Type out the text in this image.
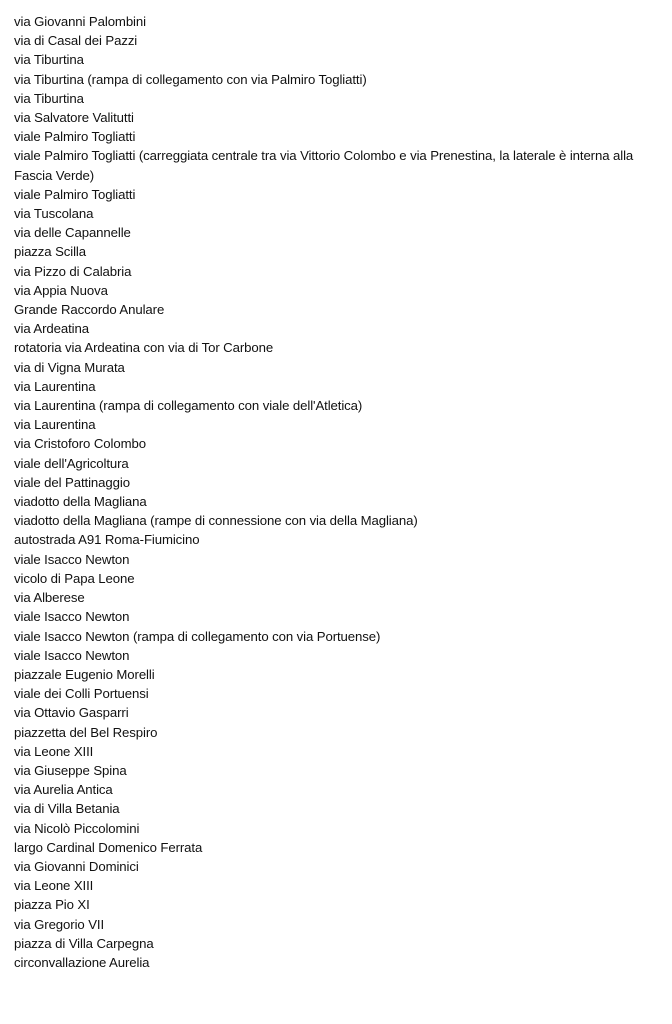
via Giovanni Palombini
via di Casal dei Pazzi
via Tiburtina
via Tiburtina (rampa di collegamento con via Palmiro Togliatti)
via Tiburtina
via Salvatore Valitutti
viale Palmiro Togliatti
viale Palmiro Togliatti (carreggiata centrale tra via Vittorio Colombo e via Prenestina, la laterale è interna alla Fascia Verde)
viale Palmiro Togliatti
via Tuscolana
via delle Capannelle
piazza Scilla
via Pizzo di Calabria
via Appia Nuova
Grande Raccordo Anulare
via Ardeatina
rotatoria via Ardeatina con via di Tor Carbone
via di Vigna Murata
via Laurentina
via Laurentina (rampa di collegamento con viale dell'Atletica)
via Laurentina
via Cristoforo Colombo
viale dell'Agricoltura
viale del Pattinaggio
viadotto della Magliana
viadotto della Magliana (rampe di connessione con via della Magliana)
autostrada A91 Roma-Fiumicino
viale Isacco Newton
vicolo di Papa Leone
via Alberese
viale Isacco Newton
viale Isacco Newton (rampa di collegamento con via Portuense)
viale Isacco Newton
piazzale Eugenio Morelli
viale dei Colli Portuensi
via Ottavio Gasparri
piazzetta del Bel Respiro
via Leone XIII
via Giuseppe Spina
via Aurelia Antica
via di Villa Betania
via Nicolò Piccolomini
largo Cardinal Domenico Ferrata
via Giovanni Dominici
via Leone XIII
piazza Pio XI
via Gregorio VII
piazza di Villa Carpegna
circonvallazione Aurelia
